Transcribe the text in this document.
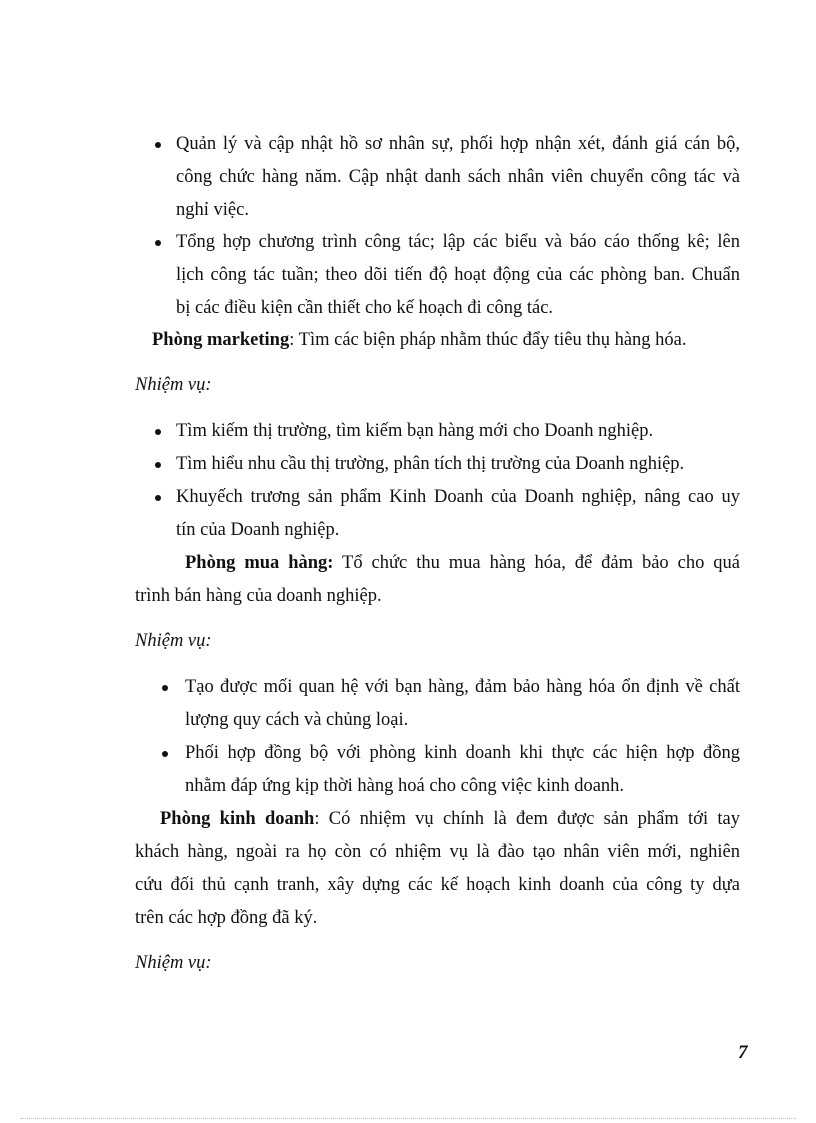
Quản lý và cập nhật hồ sơ nhân sự, phối hợp nhận xét, đánh giá cán bộ,
công chức hàng năm. Cập nhật danh sách nhân viên chuyển công tác và
nghỉ việc.
Tổng hợp chương trình công tác; lập các biểu và báo cáo thống kê; lên
lịch công tác tuần; theo dõi tiến độ hoạt động của các phòng ban. Chuẩn
bị các điều kiện cần thiết cho kế hoạch đi công tác.
Phòng marketing: Tìm các biện pháp nhằm thúc đẩy tiêu thụ hàng hóa.
Nhiệm vụ:
Tìm kiếm thị trường, tìm kiếm bạn hàng mới cho Doanh nghiệp.
Tìm hiểu nhu cầu thị trường, phân tích thị trường của Doanh nghiệp.
Khuyếch trương sản phẩm Kinh Doanh của Doanh nghiệp, nâng cao uy
tín của Doanh nghiệp.
Phòng mua hàng: Tổ chức thu mua hàng hóa, để đảm bảo cho quá
trình bán hàng của doanh nghiệp.
Nhiệm vụ:
Tạo được mối quan hệ với bạn hàng, đảm bảo hàng hóa ổn định về chất
lượng quy cách và chủng loại.
Phối hợp đồng bộ với phòng kinh doanh khi thực các hiện hợp đồng
nhằm đáp ứng kịp thời hàng hoá cho công việc kinh doanh.
Phòng kinh doanh: Có nhiệm vụ chính là đem được sản phẩm tới tay
khách hàng, ngoài ra họ còn có nhiệm vụ là đào tạo nhân viên mới, nghiên
cứu đối thủ cạnh tranh, xây dựng các kế hoạch kinh doanh của công ty dựa
trên các hợp đồng đã ký.
Nhiệm vụ:
7
